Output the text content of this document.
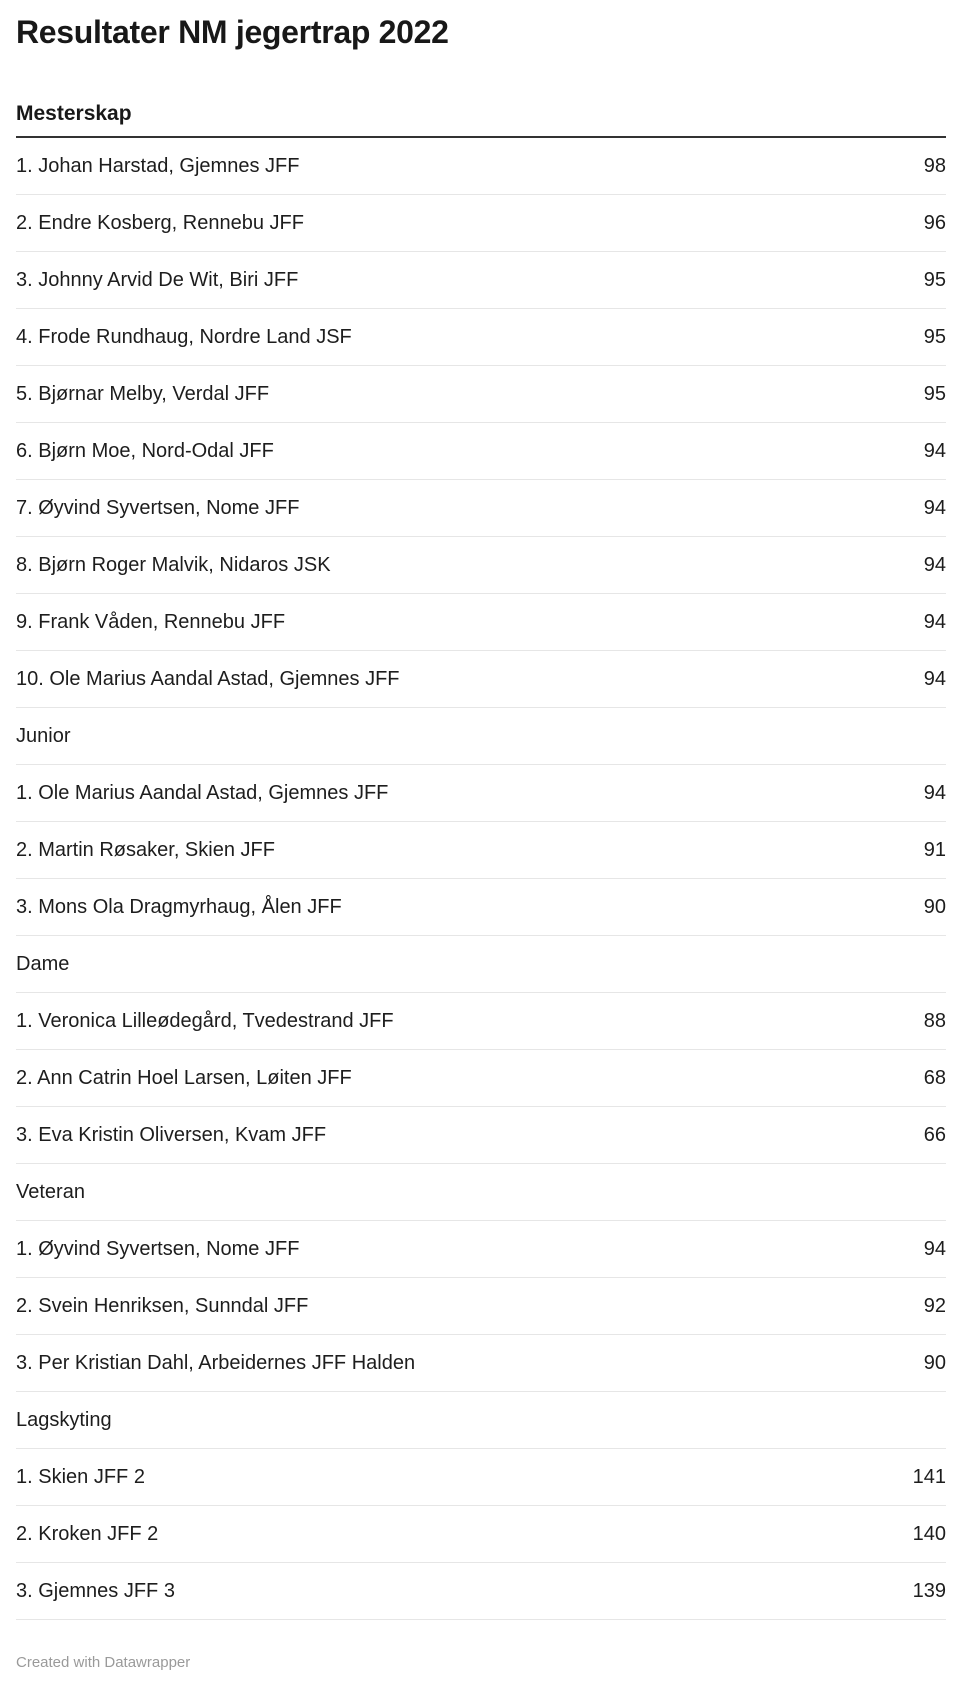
Resultater NM jegertrap 2022
Mesterskap
1. Johan Harstad, Gjemnes JFF	98
2. Endre Kosberg, Rennebu JFF	96
3. Johnny Arvid De Wit, Biri JFF	95
4. Frode Rundhaug, Nordre Land JSF	95
5. Bjørnar Melby, Verdal JFF	95
6. Bjørn Moe, Nord-Odal JFF	94
7. Øyvind Syvertsen, Nome JFF	94
8. Bjørn Roger Malvik, Nidaros JSK	94
9. Frank Våden, Rennebu JFF	94
10. Ole Marius Aandal Astad, Gjemnes JFF	94
Junior
1. Ole Marius Aandal Astad, Gjemnes JFF	94
2. Martin Røsaker, Skien JFF	91
3. Mons Ola Dragmyrhaug, Ålen JFF	90
Dame
1. Veronica Lilleødegård, Tvedestrand JFF	88
2. Ann Catrin Hoel Larsen, Løiten JFF	68
3. Eva Kristin Oliversen, Kvam JFF	66
Veteran
1. Øyvind Syvertsen, Nome JFF	94
2. Svein Henriksen, Sunndal JFF	92
3. Per Kristian Dahl, Arbeidernes JFF Halden	90
Lagskyting
1. Skien JFF 2	141
2. Kroken JFF 2	140
3. Gjemnes JFF 3	139
Created with Datawrapper
